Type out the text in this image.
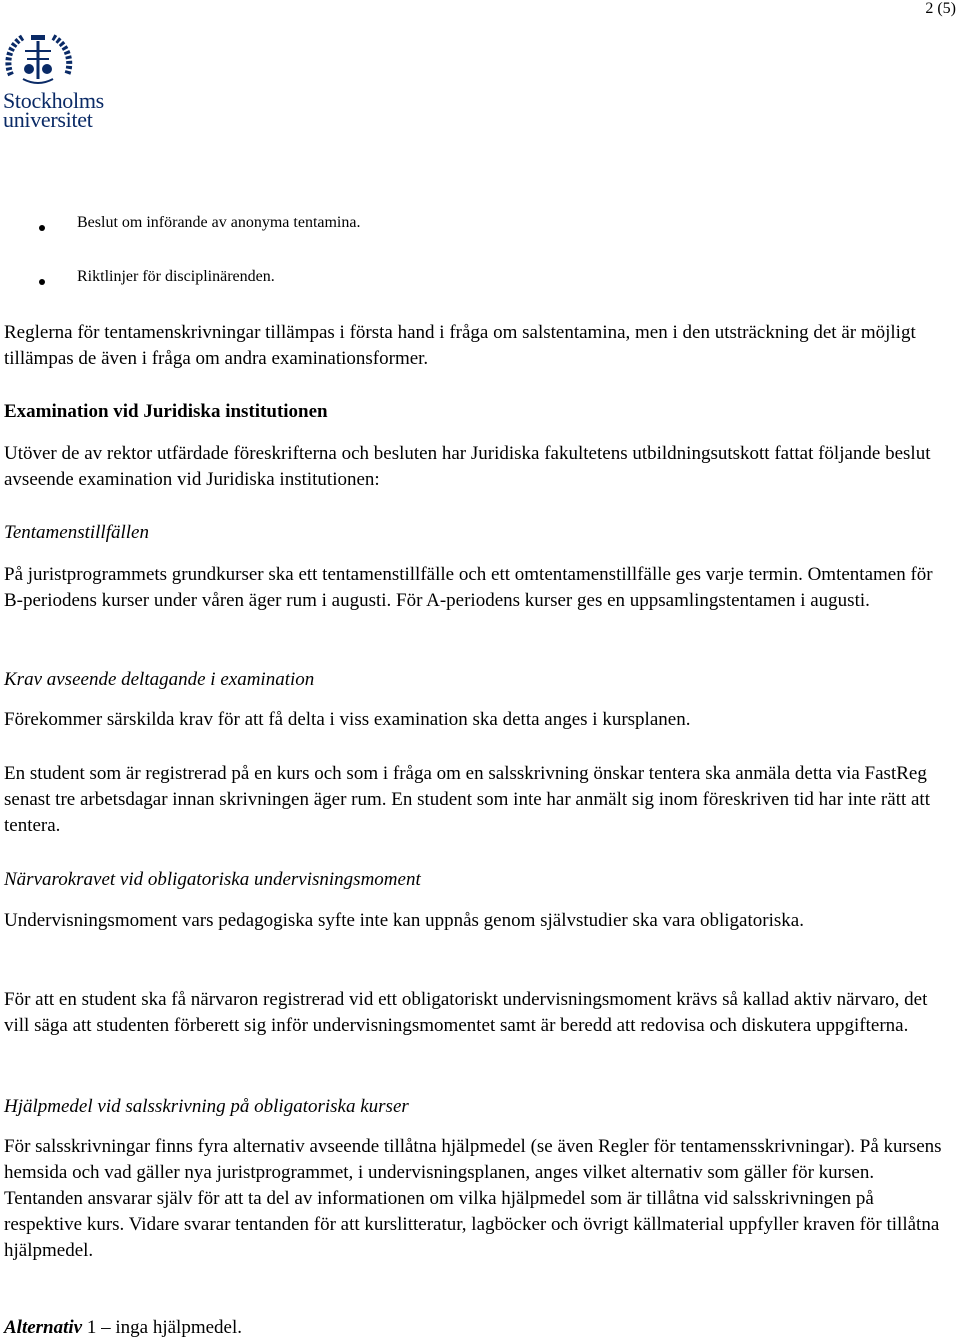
2 (5)
Stockholms
universitet
Beslut om införande av anonyma tentamina.
Riktlinjer för disciplinärenden.

Reglerna för tentamenskrivningar tillämpas i första hand i fråga om salstentamina, men i den utsträckning det är möjligt tillämpas de även i fråga om andra examinationsformer.

Examination vid Juridiska institutionen

Utöver de av rektor utfärdade föreskrifterna och besluten har Juridiska fakultetens utbildningsutskott fattat följande beslut avseende examination vid Juridiska institutionen:

Tentamenstillfällen

På juristprogrammets grundkurser ska ett tentamenstillfälle och ett omtentamenstillfälle ges varje termin. Omtentamen för B-periodens kurser under våren äger rum i augusti. För A-periodens kurser ges en uppsamlingstentamen i augusti.

Krav avseende deltagande i examination

Förekommer särskilda krav för att få delta i viss examination ska detta anges i kursplanen.

En student som är registrerad på en kurs och som i fråga om en salsskrivning önskar tentera ska anmäla detta via FastReg senast tre arbetsdagar innan skrivningen äger rum. En student som inte har anmält sig inom föreskriven tid har inte rätt att tentera.

Närvarokravet vid obligatoriska undervisningsmoment

Undervisningsmoment vars pedagogiska syfte inte kan uppnås genom självstudier ska vara obligatoriska.

För att en student ska få närvaron registrerad vid ett obligatoriskt undervisningsmoment krävs så kallad aktiv närvaro, det vill säga att studenten förberett sig inför undervisningsmomentet samt är beredd att redovisa och diskutera uppgifterna.

Hjälpmedel vid salsskrivning på obligatoriska kurser

För salsskrivningar finns fyra alternativ avseende tillåtna hjälpmedel (se även Regler för tentamensskrivningar). På kursens hemsida och vad gäller nya juristprogrammet, i undervisningsplanen, anges vilket alternativ som gäller för kursen. Tentanden ansvarar själv för att ta del av informationen om vilka hjälpmedel som är tillåtna vid salsskrivningen på respektive kurs. Vidare svarar tentanden för att kurslitteratur, lagböcker och övrigt källmaterial uppfyller kraven för tillåtna hjälpmedel.

Alternativ 1 – inga hjälpmedel.
